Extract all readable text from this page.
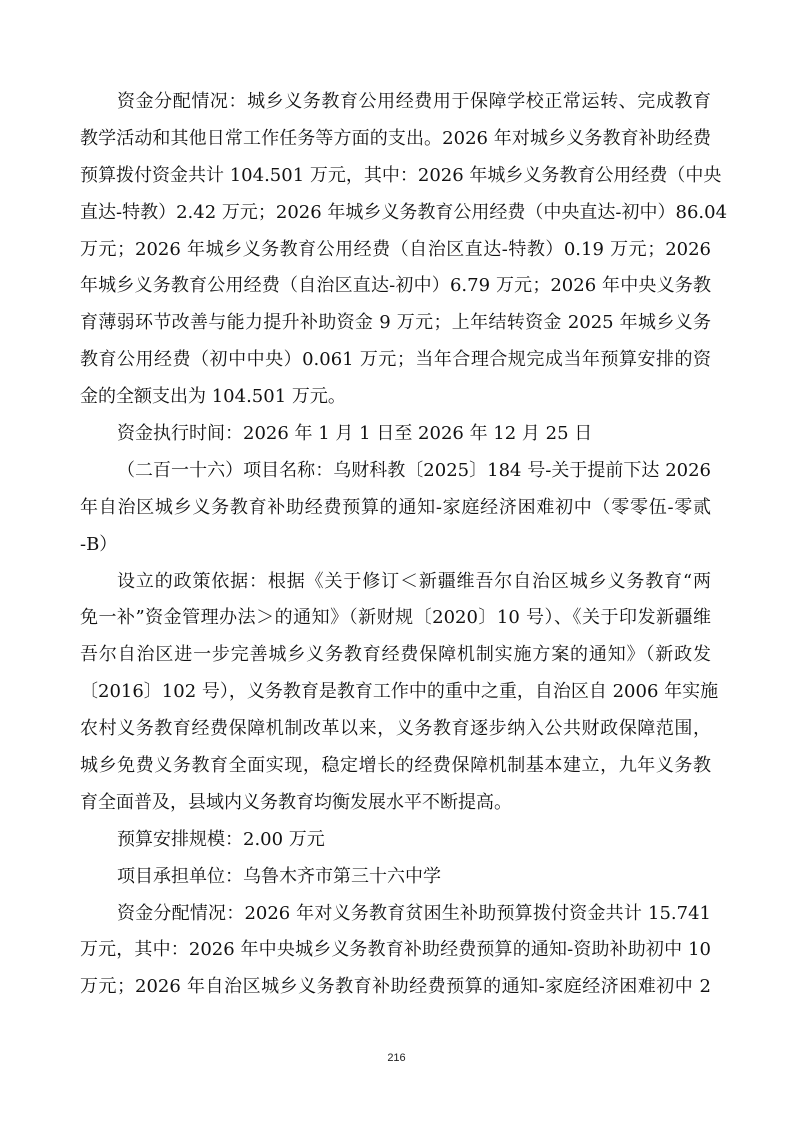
资金分配情况：城乡义务教育公用经费用于保障学校正常运转、完成教育
教学活动和其他日常工作任务等方面的支出。2026 年对城乡义务教育补助经费
预算拨付资金共计 104.501 万元，其中：2026 年城乡义务教育公用经费（中央
直达-特教）2.42 万元；2026 年城乡义务教育公用经费（中央直达-初中）86.04
万元；2026 年城乡义务教育公用经费（自治区直达-特教）0.19 万元；2026
年城乡义务教育公用经费（自治区直达-初中）6.79 万元；2026 年中央义务教
育薄弱环节改善与能力提升补助资金 9 万元；上年结转资金 2025 年城乡义务
教育公用经费（初中中央）0.061 万元；当年合理合规完成当年预算安排的资
金的全额支出为 104.501 万元。
资金执行时间：2026 年 1 月 1 日至 2026 年 12 月 25 日
（二百一十六）项目名称：乌财科教〔2025〕184 号-关于提前下达 2026
年自治区城乡义务教育补助经费预算的通知-家庭经济困难初中（零零伍-零贰
-B）
设立的政策依据：根据《关于修订＜新疆维吾尔自治区城乡义务教育“两
免一补”资金管理办法＞的通知》（新财规〔2020〕10 号）、《关于印发新疆维
吾尔自治区进一步完善城乡义务教育经费保障机制实施方案的通知》（新政发
〔2016〕102 号），义务教育是教育工作中的重中之重，自治区自 2006 年实施
农村义务教育经费保障机制改革以来，义务教育逐步纳入公共财政保障范围，
城乡免费义务教育全面实现，稳定增长的经费保障机制基本建立，九年义务教
育全面普及，县域内义务教育均衡发展水平不断提高。
预算安排规模：2.00 万元
项目承担单位：乌鲁木齐市第三十六中学
资金分配情况：2026 年对义务教育贫困生补助预算拨付资金共计 15.741
万元，其中：2026 年中央城乡义务教育补助经费预算的通知-资助补助初中 10
万元；2026 年自治区城乡义务教育补助经费预算的通知-家庭经济困难初中 2
216
